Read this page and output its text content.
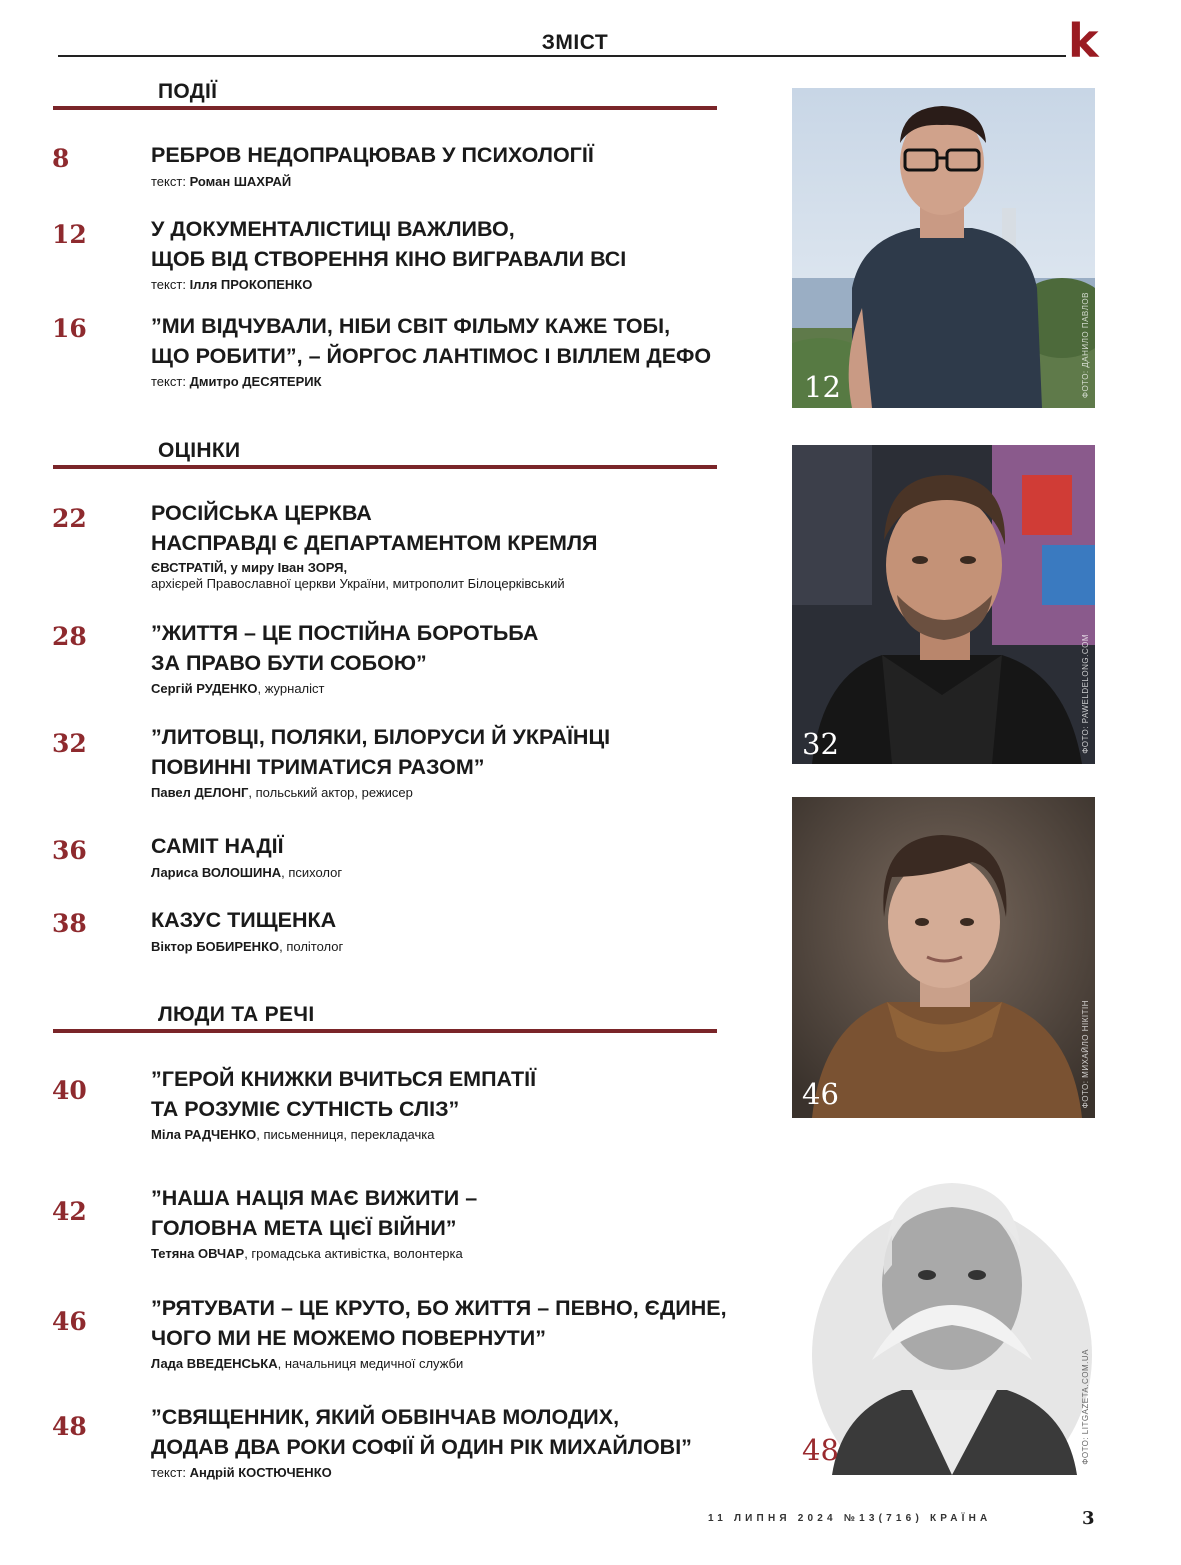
ЗМІСТ	k
ПОДІЇ
8	РЕБРОВ НЕДОПРАЦЮВАВ У ПСИХОЛОГІЇ
текст: Роман ШАХРАЙ
12	У ДОКУМЕНТАЛІСТИЦІ ВАЖЛИВО,
ЩОБ ВІД СТВОРЕННЯ КІНО ВИГРАВАЛИ ВСІ
текст: Ілля ПРОКОПЕНКО
16	”МИ ВІДЧУВАЛИ, НІБИ СВІТ ФІЛЬМУ КАЖЕ ТОБІ,
ЩО РОБИТИ”, – ЙОРГОС ЛАНТІМОС І ВІЛЛЕМ ДЕФО
текст: Дмитро ДЕСЯТЕРИК
ОЦІНКИ
22	РОСІЙСЬКА ЦЕРКВА
НАСПРАВДІ Є ДЕПАРТАМЕНТОМ КРЕМЛЯ
ЄВСТРАТІЙ, у миру Іван ЗОРЯ,
архієрей Православної церкви України, митрополит Білоцерківський
28	”ЖИТТЯ – ЦЕ ПОСТІЙНА БОРОТЬБА
ЗА ПРАВО БУТИ СОБОЮ”
Сергій РУДЕНКО, журналіст
32	”ЛИТОВЦІ, ПОЛЯКИ, БІЛОРУСИ Й УКРАЇНЦІ
ПОВИННІ ТРИМАТИСЯ РАЗОМ”
Павел ДЕЛОНГ, польський актор, режисер
36	САМІТ НАДІЇ
Лариса ВОЛОШИНА, психолог
38	КАЗУС ТИЩЕНКА
Віктор БОБИРЕНКО, політолог
ЛЮДИ ТА РЕЧІ
40	”ГЕРОЙ КНИЖКИ ВЧИТЬСЯ ЕМПАТІЇ
ТА РОЗУМІЄ СУТНІСТЬ СЛІЗ”
Міла РАДЧЕНКО, письменниця, перекладачка
42	”НАША НАЦІЯ МАЄ ВИЖИТИ –
ГОЛОВНА МЕТА ЦІЄЇ ВІЙНИ”
Тетяна ОВЧАР, громадська активістка, волонтерка
46	”РЯТУВАТИ – ЦЕ КРУТО, БО ЖИТТЯ – ПЕВНО, ЄДИНЕ,
ЧОГО МИ НЕ МОЖЕМО ПОВЕРНУТИ”
Лада ВВЕДЕНСЬКА, начальниця медичної служби
48	”СВЯЩЕННИК, ЯКИЙ ОБВІНЧАВ МОЛОДИХ,
ДОДАВ ДВА РОКИ СОФІЇ Й ОДИН РІК МИХАЙЛОВІ”
текст: Андрій КОСТЮЧЕНКО
12	ФОТО: ДАНИЛО ПАВЛОВ
32	ФОТО: PAWELDELONG.COM
46	ФОТО: МИХАЙЛО НІКІТІН
48	ФОТО: LITGAZETA.COM.UA
11 ЛИПНЯ 2024 №13(716) КРАЇНА	3
